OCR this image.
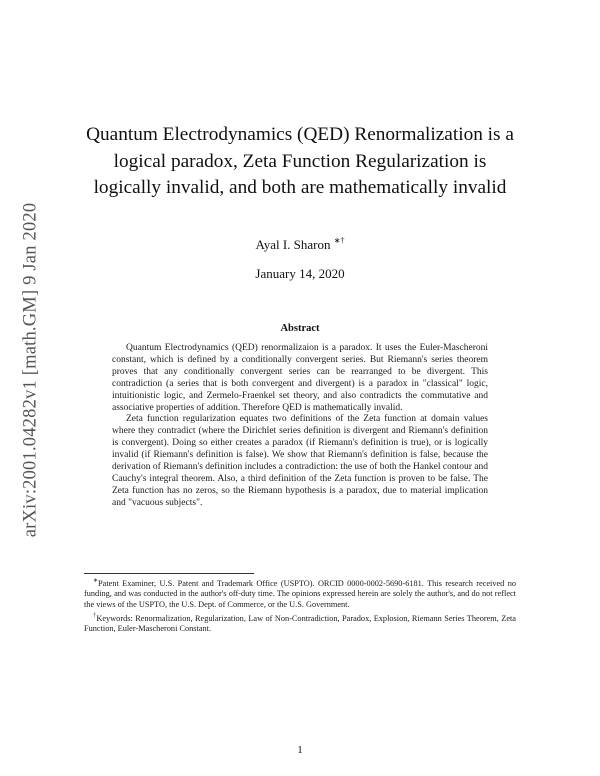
arXiv:2001.04282v1 [math.GM] 9 Jan 2020
Quantum Electrodynamics (QED) Renormalization is a logical paradox, Zeta Function Regularization is logically invalid, and both are mathematically invalid
Ayal I. Sharon ∗†
January 14, 2020
Abstract

Quantum Electrodynamics (QED) renormalizaion is a paradox. It uses the Euler-Mascheroni constant, which is defined by a conditionally convergent series. But Riemann's series theorem proves that any conditionally convergent series can be rearranged to be divergent. This contradiction (a series that is both convergent and divergent) is a paradox in "classical" logic, intuitionistic logic, and Zermelo-Fraenkel set theory, and also contradicts the commutative and associative properties of addition. Therefore QED is mathematically invalid.

Zeta function regularization equates two definitions of the Zeta function at domain values where they contradict (where the Dirichlet series definition is divergent and Riemann's definition is convergent). Doing so either creates a paradox (if Riemann's definition is true), or is logically invalid (if Riemann's definition is false). We show that Riemann's definition is false, because the derivation of Riemann's definition includes a contradiction: the use of both the Hankel contour and Cauchy's integral theorem. Also, a third definition of the Zeta function is proven to be false. The Zeta function has no zeros, so the Riemann hypothesis is a paradox, due to material implication and "vacuous subjects".

∗Patent Examiner, U.S. Patent and Trademark Office (USPTO). ORCID 0000-0002-5690-6181. This research received no funding, and was conducted in the author's off-duty time. The opinions expressed herein are solely the author's, and do not reflect the views of the USPTO, the U.S. Dept. of Commerce, or the U.S. Government.

†Keywords: Renormalization, Regularization, Law of Non-Contradiction, Paradox, Explosion, Riemann Series Theorem, Zeta Function, Euler-Mascheroni Constant.

1
